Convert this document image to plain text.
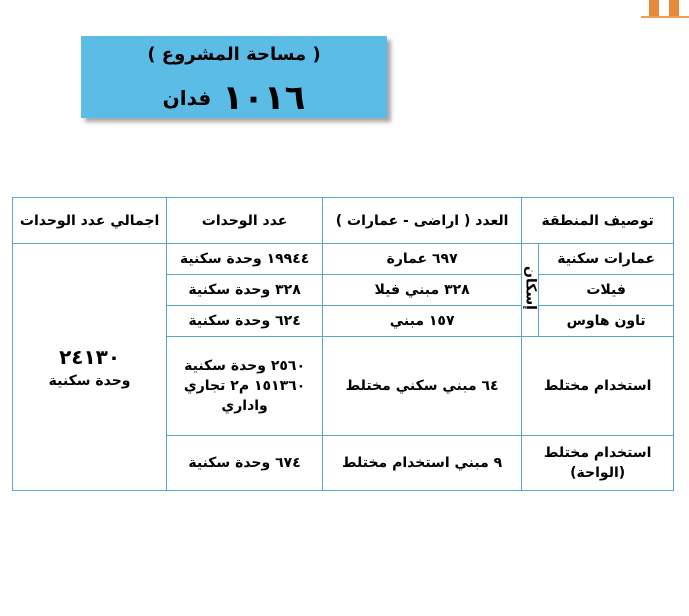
( مساحة المشروع )
١٠١٦ فدان
توصيف المنطقة		العدد ( اراضى - عمارات )	عدد الوحدات	اجمالي عدد الوحدات
عمارات سكنية	إسكان	٦٩٧ عمارة	١٩٩٤٤ وحدة سكنية	٢٤١٣٠
وحدة سكنية

فيلات		٣٢٨ مبني فيلا	٣٢٨ وحدة سكنية	
تاون هاوس		١٥٧ مبني	٦٢٤ وحدة سكنية	
استخدام مختلط		٦٤ مبني سكني مختلط	٢٥٦٠ وحدة سكنية
١٥١٣٦٠ م٢ تجاري
واداري	

استخدام مختلط
(الواحة)		٩ مبني استخدام مختلط	٦٧٤ وحدة سكنية	
